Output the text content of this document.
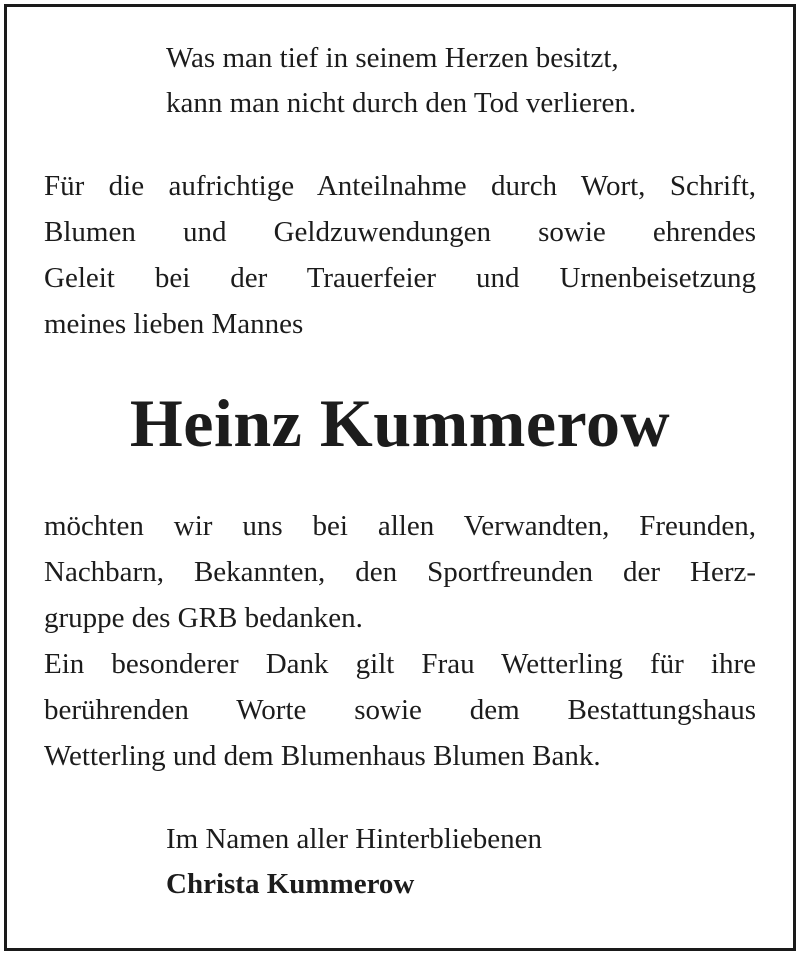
Was man tief in seinem Herzen besitzt,
kann man nicht durch den Tod verlieren.
Für die aufrichtige Anteilnahme durch Wort, Schrift,
Blumen und Geldzuwendungen sowie ehrendes
Geleit bei der Trauerfeier und Urnenbeisetzung
meines lieben Mannes
Heinz Kummerow
möchten wir uns bei allen Verwandten, Freunden,
Nachbarn, Bekannten, den Sportfreunden der Herz-
gruppe des GRB bedanken.
Ein besonderer Dank gilt Frau Wetterling für ihre
berührenden Worte sowie dem Bestattungshaus
Wetterling und dem Blumenhaus Blumen Bank.
Im Namen aller Hinterbliebenen
Christa Kummerow
